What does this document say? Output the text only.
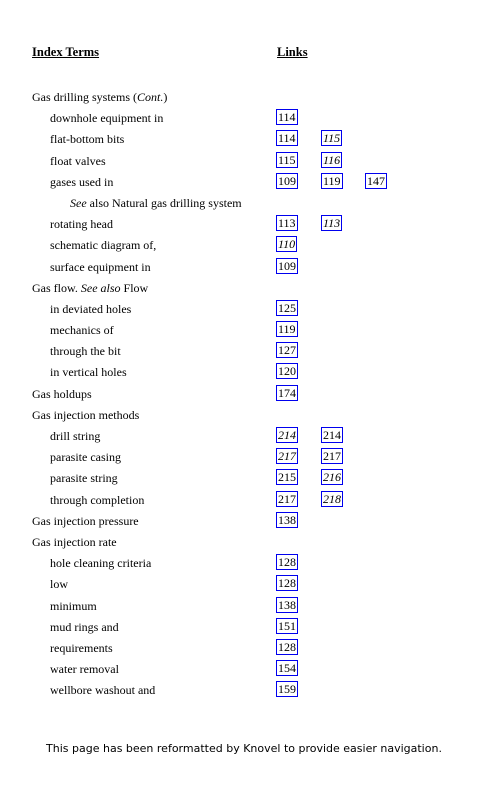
Index Terms	Links
Gas drilling systems (Cont.)
downhole equipment in	114
flat-bottom bits	114 115
float valves	115 116
gases used in	109 119 147
See also Natural gas drilling system
rotating head	113 113
schematic diagram of,	110
surface equipment in	109
Gas flow. See also Flow
in deviated holes	125
mechanics of	119
through the bit	127
in vertical holes	120
Gas holdups	174
Gas injection methods
drill string	214 214
parasite casing	217 217
parasite string	215 216
through completion	217 218
Gas injection pressure	138
Gas injection rate
hole cleaning criteria	128
low	128
minimum	138
mud rings and	151
requirements	128
water removal	154
wellbore washout and	159
This page has been reformatted by Knovel to provide easier navigation.
